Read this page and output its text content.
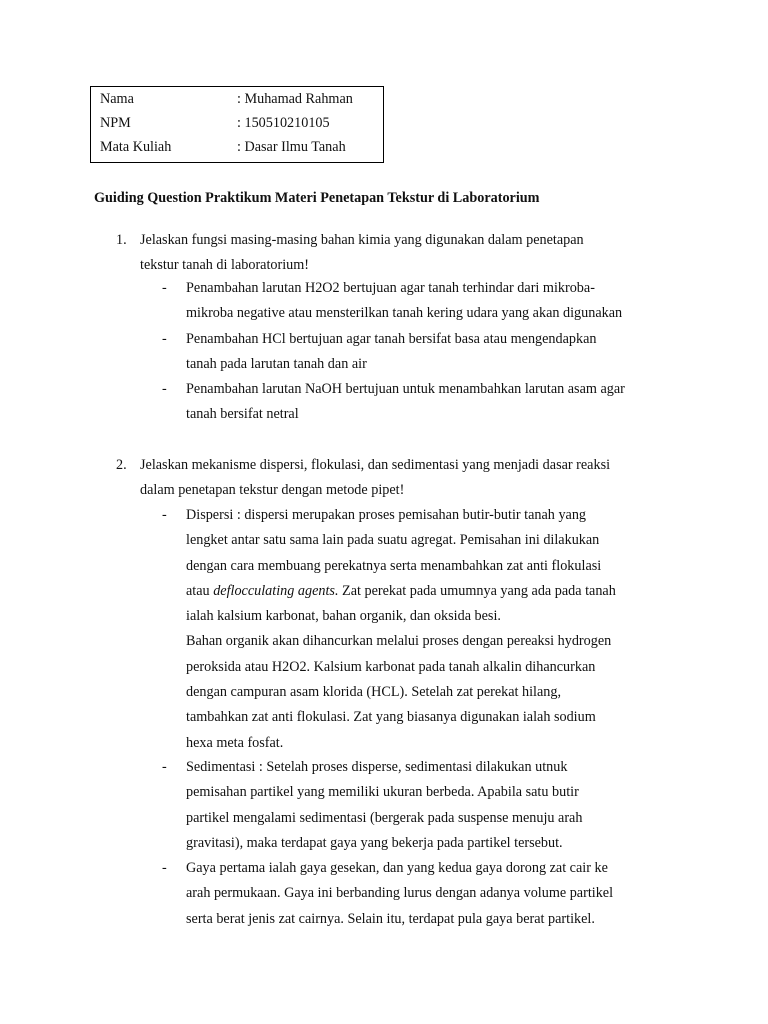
Nama	: Muhamad Rahman
NPM	: 150510210105
Mata Kuliah	: Dasar Ilmu Tanah
Guiding Question Praktikum Materi Penetapan Tekstur di Laboratorium
1. Jelaskan fungsi masing-masing bahan kimia yang digunakan dalam penetapan
tekstur tanah di laboratorium!
- Penambahan larutan H2O2 bertujuan agar tanah terhindar dari mikroba-
mikroba negative atau mensterilkan tanah kering udara yang akan digunakan
- Penambahan HCl bertujuan agar tanah bersifat basa atau mengendapkan
tanah pada larutan tanah dan air
- Penambahan larutan NaOH bertujuan untuk menambahkan larutan asam agar
tanah bersifat netral
2. Jelaskan mekanisme dispersi, flokulasi, dan sedimentasi yang menjadi dasar reaksi
dalam penetapan tekstur dengan metode pipet!
- Dispersi : dispersi merupakan proses pemisahan butir-butir tanah yang
lengket antar satu sama lain pada suatu agregat. Pemisahan ini dilakukan
dengan cara membuang perekatnya serta menambahkan zat anti flokulasi
atau deflocculating agents. Zat perekat pada umumnya yang ada pada tanah
ialah kalsium karbonat, bahan organik, dan oksida besi.
Bahan organik akan dihancurkan melalui proses dengan pereaksi hydrogen
peroksida atau H2O2. Kalsium karbonat pada tanah alkalin dihancurkan
dengan campuran asam klorida (HCL). Setelah zat perekat hilang,
tambahkan zat anti flokulasi. Zat yang biasanya digunakan ialah sodium
hexa meta fosfat.
- Sedimentasi : Setelah proses disperse, sedimentasi dilakukan utnuk
pemisahan partikel yang memiliki ukuran berbeda. Apabila satu butir
partikel mengalami sedimentasi (bergerak pada suspense menuju arah
gravitasi), maka terdapat gaya yang bekerja pada partikel tersebut.
- Gaya pertama ialah gaya gesekan, dan yang kedua gaya dorong zat cair ke
arah permukaan. Gaya ini berbanding lurus dengan adanya volume partikel
serta berat jenis zat cairnya. Selain itu, terdapat pula gaya berat partikel.
